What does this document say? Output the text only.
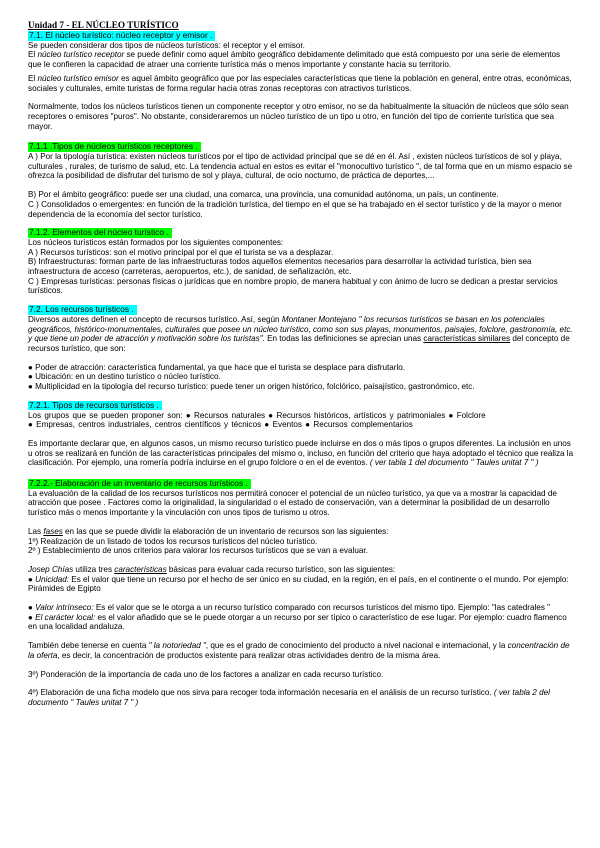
Unidad 7 - EL NÚCLEO TURÍSTICO

7.1. El núcleo turístico: núcleo receptor y emisor .

Se pueden considerar dos tipos de núcleos turísticos: el receptor y el emisor.

El núcleo turístico receptor se puede definir como aquel ámbito geográfico debidamente delimitado que está compuesto por una serie de elementos que le confieren la capacidad de atraer una corriente turística más o menos importante y constante hacia su territorio.

El núcleo turístico emisor es aquel ámbito geográfico que por las especiales características que tiene la población en general, entre otras, económicas, sociales y culturales, emite turistas de forma regular hacia otras zonas receptoras con atractivos turísticos.

Normalmente, todos los núcleos turísticos tienen un componente receptor y otro emisor, no se da habitualmente la situación de núcleos que sólo sean receptores o emisores "puros". No obstante, consideraremos un núcleo turístico de un tipo u otro, en función del tipo de corriente turística que sea mayor.

7.1.1 .Tipos de núcleos turísticos receptores .

A ) Por la tipología turística: existen núcleos turísticos por el tipo de actividad principal que se dé en él. Así , existen núcleos turísticos de sol y playa, culturales , rurales, de turismo de salud, etc. La tendencia actual en estos es evitar el "monocultivo turístico ", de tal forma que en un mismo espacio se ofrezca la posibilidad de disfrutar del turismo de sol y playa, cultural, de ocio nocturno, de práctica de deportes,...

B) Por el ámbito geográfico: puede ser una ciudad, una comarca, una provincia, una comunidad autónoma, un país, un continente.

C ) Consolidados o emergentes: en función de la tradición turística, del tiempo en el que se ha trabajado en el sector turístico y de la mayor o menor dependencia de la economía del sector turístico.

7.1.2. Elementos del núcleo turístico .

Los núcleos turísticos están formados por los siguientes componentes:

A ) Recursos turísticos: son el motivo principal por el que el turista se va a desplazar.

B) Infraestructuras: forman parte de las infraestructuras todos aquellos elementos necesarios para desarrollar la actividad turística, bien sea infraestructura de acceso (carreteras, aeropuertos, etc.), de sanidad, de señalización, etc.

C ) Empresas turísticas: personas físicas o jurídicas que en nombre propio, de manera habitual y con ánimo de lucro se dedican a prestar servicios turísticos.

7.2. Los recursos turísticos .

Diversos autores definen el concepto de recursos turístico. Así, según Montaner Montejano " los recursos turísticos se basan en los potenciales geográficos, histórico-monumentales, culturales que posee un núcleo turístico, como son sus playas, monumentos, paisajes, folclore, gastronomía, etc. y que tiene un poder de atracción y motivación sobre los turistas". En todas las definiciones se aprecian unas características similares del concepto de recursos turístico, que son:

● Poder de atracción: característica fundamental, ya que hace que el turista se desplace para disfrutarlo.

● Ubicación: en un destino turístico o núcleo turístico.

● Multiplicidad en la tipología del recurso turístico: puede tener un origen histórico, folclórico, paisajístico, gastronómico, etc.

7.2.1. Tipos de recursos turísticos .

Los grupos que se pueden proponer son: ● Recursos naturales ● Recursos históricos, artísticos y patrimoniales ● Folclore

● Empresas, centros industriales, centros científicos y técnicos ● Eventos ● Recursos complementarios

Es importante declarar que, en algunos casos, un mismo recurso turístico puede incluirse en dos o más tipos o grupos diferentes. La inclusión en unos u otros se realizará en función de las características principales del mismo o, incluso, en función del criterio que haya adoptado el técnico que realiza la clasificación. Por ejemplo, una romería podría incluirse en el grupo folclore o en el de eventos. ( ver tabla 1 del documento " Taules unitat 7 " )

7.2.2.- Elaboración de un inventario de recursos turísticos .

La evaluación de la calidad de los recursos turísticos nos permitirá conocer el potencial de un núcleo turístico, ya que va a mostrar la capacidad de atracción que posee . Factores como la originalidad, la singularidad o el estado de conservación, van a determinar la posibilidad de un desarrollo turístico más o menos importante y la vinculación con unos tipos de turismo u otros.

Las fases en las que se puede dividir la elaboración de un inventario de recursos son las siguientes:

1º) Realización de un listado de todos los recursos turísticos del núcleo turístico.

2º ) Establecimiento de unos criterios para valorar los recursos turísticos que se van a evaluar.

Josep Chías utiliza tres características básicas para evaluar cada recurso turístico, son las siguientes:

● Unicidad: Es el valor que tiene un recurso por el hecho de ser único en su ciudad, en la región, en el país, en el continente o el mundo. Por ejemplo: Pirámides de Egipto

● Valor intrínseco: Es el valor que se le otorga a un recurso turístico comparado con recursos turísticos del mismo tipo. Ejemplo: "las catedrales "

● El carácter local: es el valor añadido que se le puede otorgar a un recurso por ser típico o característico de ese lugar. Por ejemplo: cuadro flamenco en una localidad andaluza.

También debe tenerse en cuenta " la notoriedad ", que es el grado de conocimiento del producto a nivel nacional e internacional, y la concentración de la oferta, es decir, la concentración de productos existente para realizar otras actividades dentro de la misma área.

3º) Ponderación de la importancia de cada uno de los factores a analizar en cada recurso turístico.

4º) Elaboración de una ficha modelo que nos sirva para recoger toda información necesaria en el análisis de un recurso turístico. ( ver tabla 2 del documento " Taules unitat 7 " )
